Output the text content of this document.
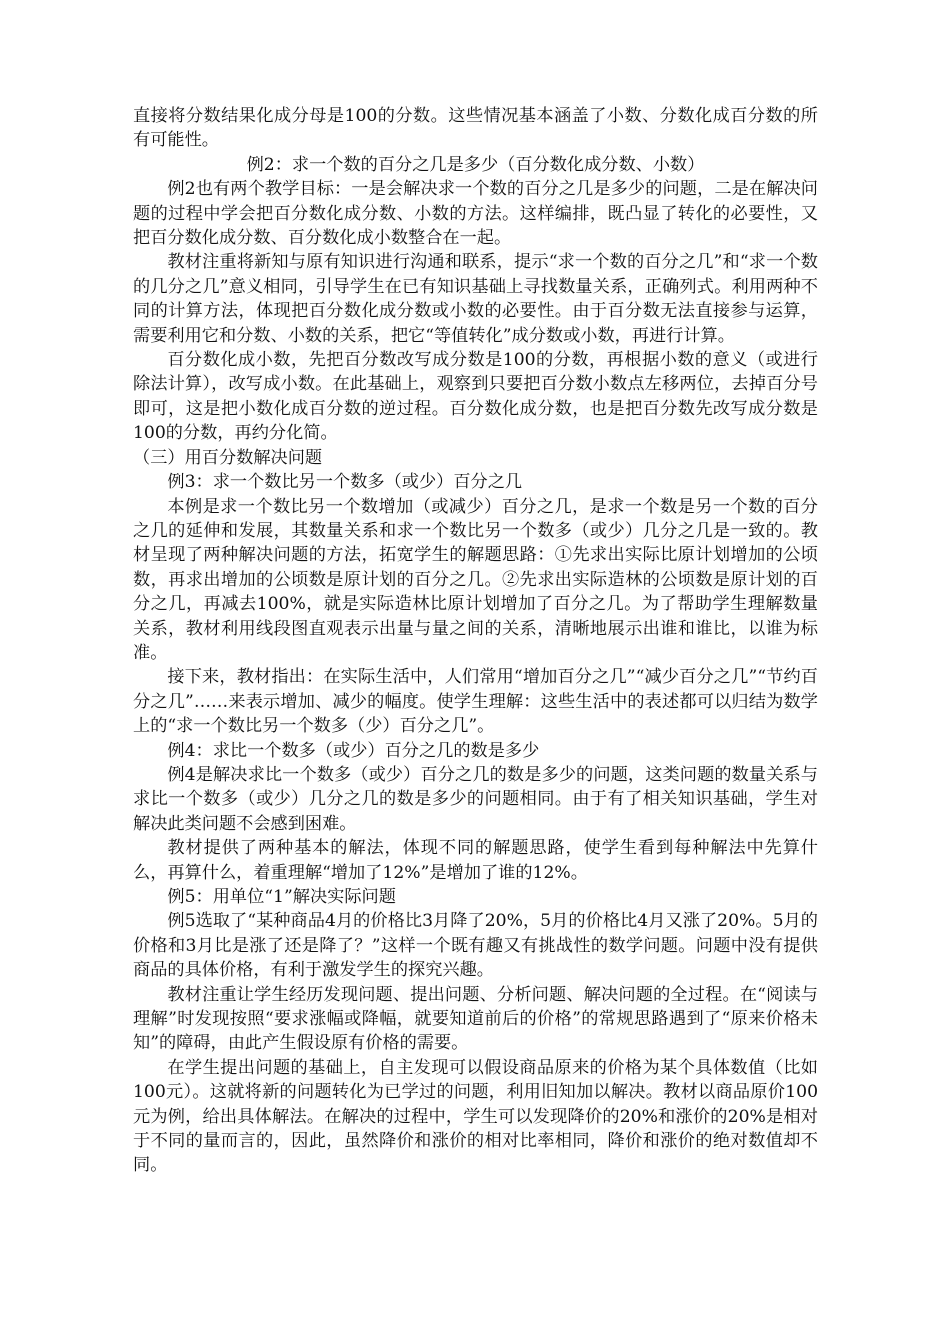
直接将分数结果化成分母是100的分数。这些情况基本涵盖了小数、分数化成百分数的所有可能性。

例2：求一个数的百分之几是多少（百分数化成分数、小数）

例2也有两个教学目标：一是会解决求一个数的百分之几是多少的问题，二是在解决问题的过程中学会把百分数化成分数、小数的方法。这样编排，既凸显了转化的必要性，又把百分数化成分数、百分数化成小数整合在一起。

教材注重将新知与原有知识进行沟通和联系，提示“求一个数的百分之几”和“求一个数的几分之几”意义相同，引导学生在已有知识基础上寻找数量关系，正确列式。利用两种不同的计算方法，体现把百分数化成分数或小数的必要性。由于百分数无法直接参与运算，需要利用它和分数、小数的关系，把它“等值转化”成分数或小数，再进行计算。

百分数化成小数，先把百分数改写成分数是100的分数，再根据小数的意义（或进行除法计算），改写成小数。在此基础上，观察到只要把百分数小数点左移两位，去掉百分号即可，这是把小数化成百分数的逆过程。百分数化成分数，也是把百分数先改写成分数是100的分数，再约分化简。

（三）用百分数解决问题

例3：求一个数比另一个数多（或少）百分之几

本例是求一个数比另一个数增加（或减少）百分之几，是求一个数是另一个数的百分之几的延伸和发展，其数量关系和求一个数比另一个数多（或少）几分之几是一致的。教材呈现了两种解决问题的方法，拓宽学生的解题思路：①先求出实际比原计划增加的公顷数，再求出增加的公顷数是原计划的百分之几。②先求出实际造林的公顷数是原计划的百分之几，再减去100%，就是实际造林比原计划增加了百分之几。为了帮助学生理解数量关系，教材利用线段图直观表示出量与量之间的关系，清晰地展示出谁和谁比，以谁为标准。

接下来，教材指出：在实际生活中，人们常用“增加百分之几”“减少百分之几”“节约百分之几”……来表示增加、减少的幅度。使学生理解：这些生活中的表述都可以归结为数学上的“求一个数比另一个数多（少）百分之几”。

例4：求比一个数多（或少）百分之几的数是多少

例4是解决求比一个数多（或少）百分之几的数是多少的问题，这类问题的数量关系与求比一个数多（或少）几分之几的数是多少的问题相同。由于有了相关知识基础，学生对解决此类问题不会感到困难。

教材提供了两种基本的解法，体现不同的解题思路，使学生看到每种解法中先算什么，再算什么，着重理解“增加了12%”是增加了谁的12%。

例5：用单位“1”解决实际问题

例5选取了“某种商品4月的价格比3月降了20%，5月的价格比4月又涨了20%。5月的价格和3月比是涨了还是降了？”这样一个既有趣又有挑战性的数学问题。问题中没有提供商品的具体价格，有利于激发学生的探究兴趣。

教材注重让学生经历发现问题、提出问题、分析问题、解决问题的全过程。在“阅读与理解”时发现按照“要求涨幅或降幅，就要知道前后的价格”的常规思路遇到了“原来价格未知”的障碍，由此产生假设原有价格的需要。

在学生提出问题的基础上，自主发现可以假设商品原来的价格为某个具体数值（比如100元）。这就将新的问题转化为已学过的问题，利用旧知加以解决。教材以商品原价100元为例，给出具体解法。在解决的过程中，学生可以发现降价的20%和涨价的20%是相对于不同的量而言的，因此，虽然降价和涨价的相对比率相同，降价和涨价的绝对数值却不同。
